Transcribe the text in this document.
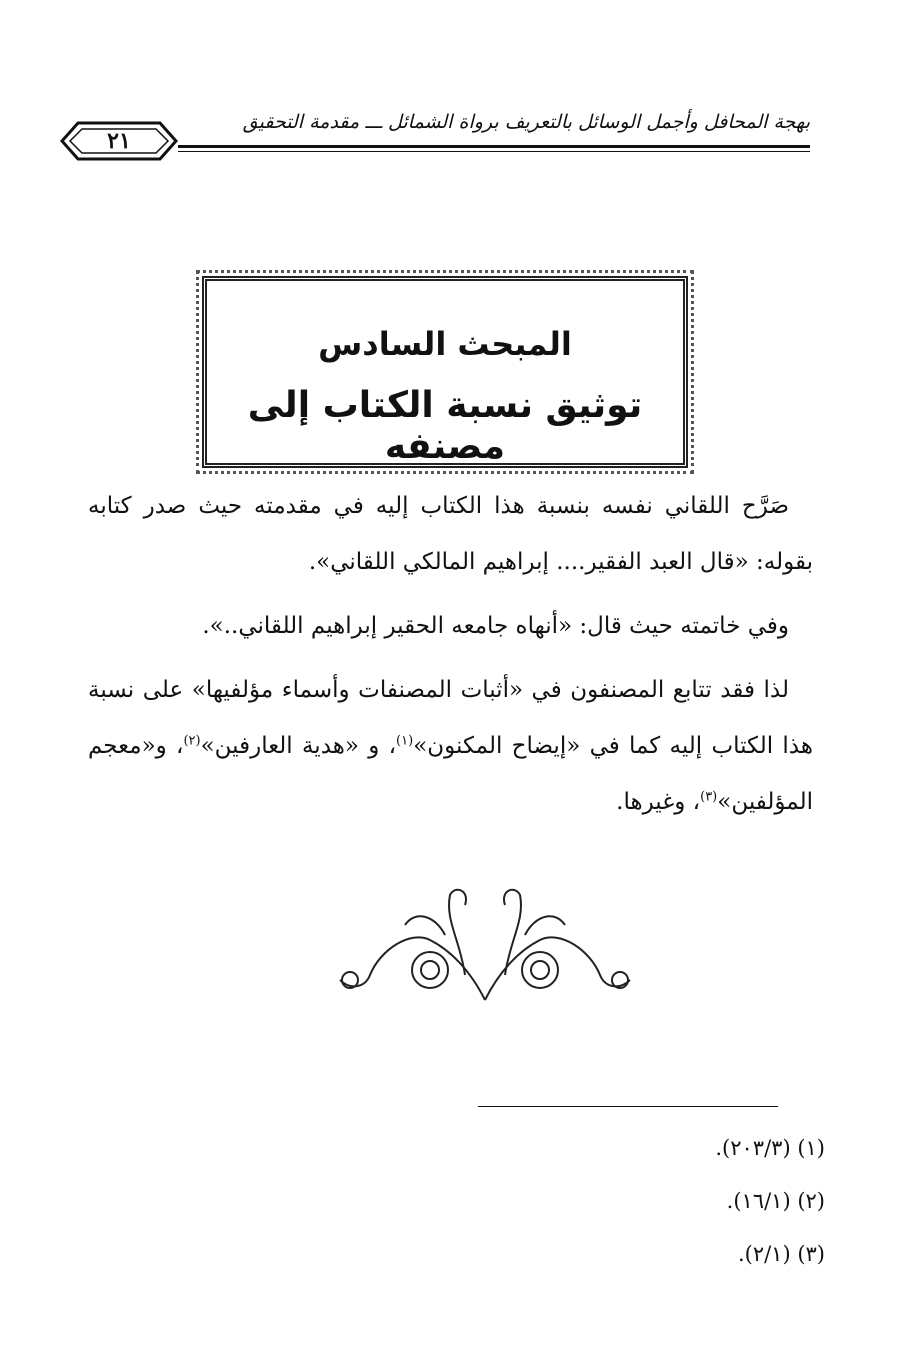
بهجة المحافل وأجمل الوسائل بالتعريف برواة الشمائل ـــ مقدمة التحقيق
٢١
المبحث السادس
توثيق نسبة الكتاب إلى مصنفه

صَرَّح اللقاني نفسه بنسبة هذا الكتاب إليه في مقدمته حيث صدر كتابه بقوله: «قال العبد الفقير.... إبراهيم المالكي اللقاني».

وفي خاتمته حيث قال: «أنهاه جامعه الحقير إبراهيم اللقاني..».

لذا فقد تتابع المصنفون في «أثبات المصنفات وأسماء مؤلفيها» على نسبة هذا الكتاب إليه كما في «إيضاح المكنون»$^{(١)}$، و «هدية العارفين»$^{(٢)}$، و«معجم المؤلفين»$^{(٣)}$، وغيرها.

(١) (٢٠٣/٣).
(٢) (١٦/١).
(٣) (٢/١).
